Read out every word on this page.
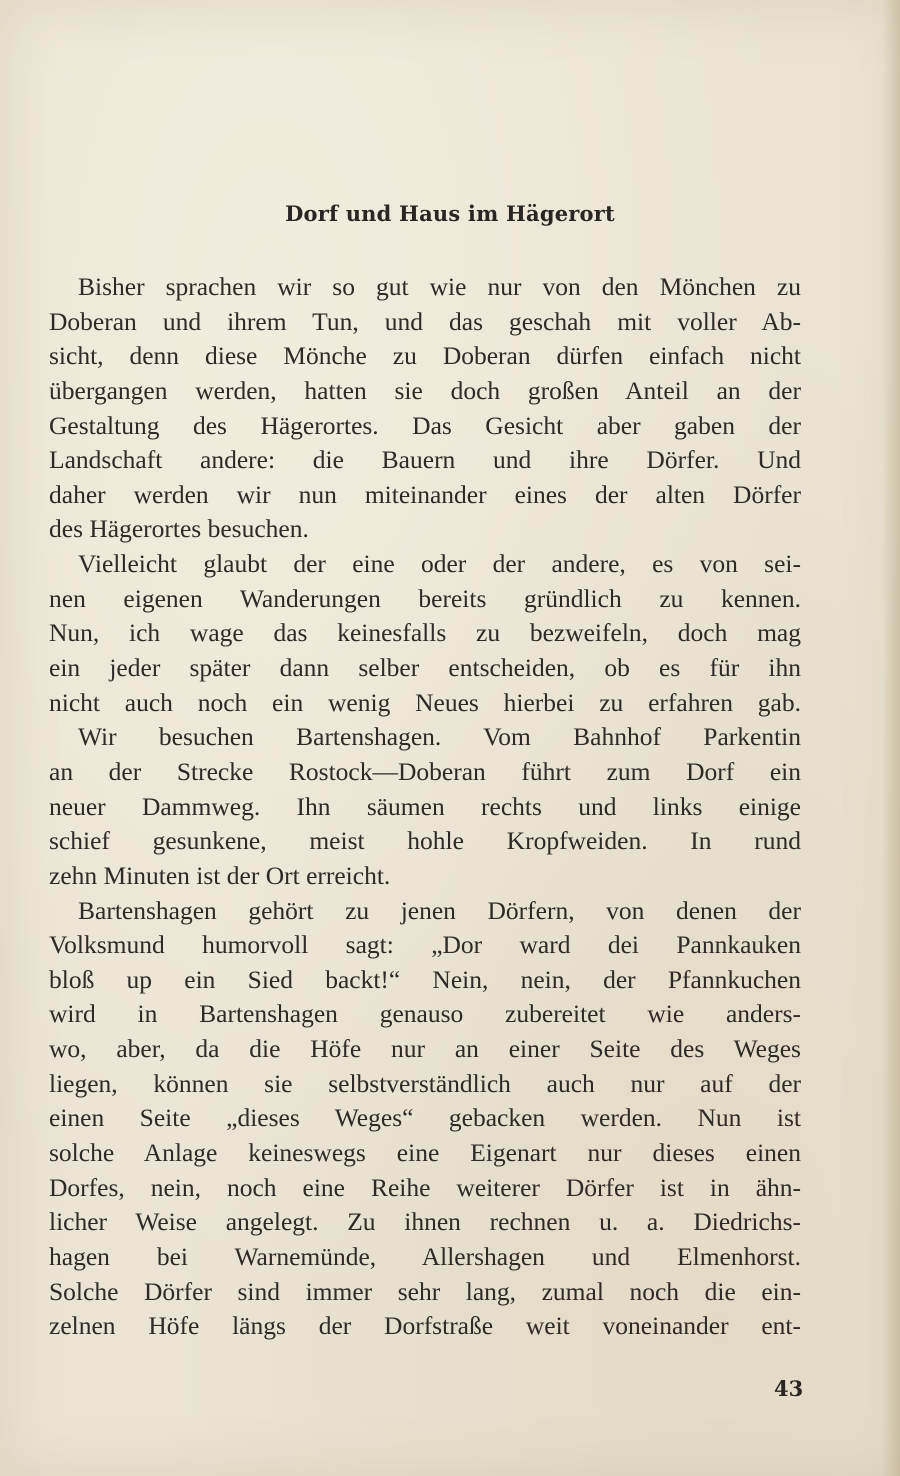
Dorf und Haus im Hägerort
Bisher sprachen wir so gut wie nur von den Mönchen zu
Doberan und ihrem Tun, und das geschah mit voller Ab-
sicht, denn diese Mönche zu Doberan dürfen einfach nicht
übergangen werden, hatten sie doch großen Anteil an der
Gestaltung des Hägerortes. Das Gesicht aber gaben der
Landschaft andere: die Bauern und ihre Dörfer. Und
daher werden wir nun miteinander eines der alten Dörfer
des Hägerortes besuchen.
Vielleicht glaubt der eine oder der andere, es von sei-
nen eigenen Wanderungen bereits gründlich zu kennen.
Nun, ich wage das keinesfalls zu bezweifeln, doch mag
ein jeder später dann selber entscheiden, ob es für ihn
nicht auch noch ein wenig Neues hierbei zu erfahren gab.
Wir besuchen Bartenshagen. Vom Bahnhof Parkentin
an der Strecke Rostock—Doberan führt zum Dorf ein
neuer Dammweg. Ihn säumen rechts und links einige
schief gesunkene, meist hohle Kropfweiden. In rund
zehn Minuten ist der Ort erreicht.
Bartenshagen gehört zu jenen Dörfern, von denen der
Volksmund humorvoll sagt: „Dor ward dei Pannkauken
bloß up ein Sied backt!“ Nein, nein, der Pfannkuchen
wird in Bartenshagen genauso zubereitet wie anders-
wo, aber, da die Höfe nur an einer Seite des Weges
liegen, können sie selbstverständlich auch nur auf der
einen Seite „dieses Weges“ gebacken werden. Nun ist
solche Anlage keineswegs eine Eigenart nur dieses einen
Dorfes, nein, noch eine Reihe weiterer Dörfer ist in ähn-
licher Weise angelegt. Zu ihnen rechnen u. a. Diedrichs-
hagen bei Warnemünde, Allershagen und Elmenhorst.
Solche Dörfer sind immer sehr lang, zumal noch die ein-
zelnen Höfe längs der Dorfstraße weit voneinander ent-
43
